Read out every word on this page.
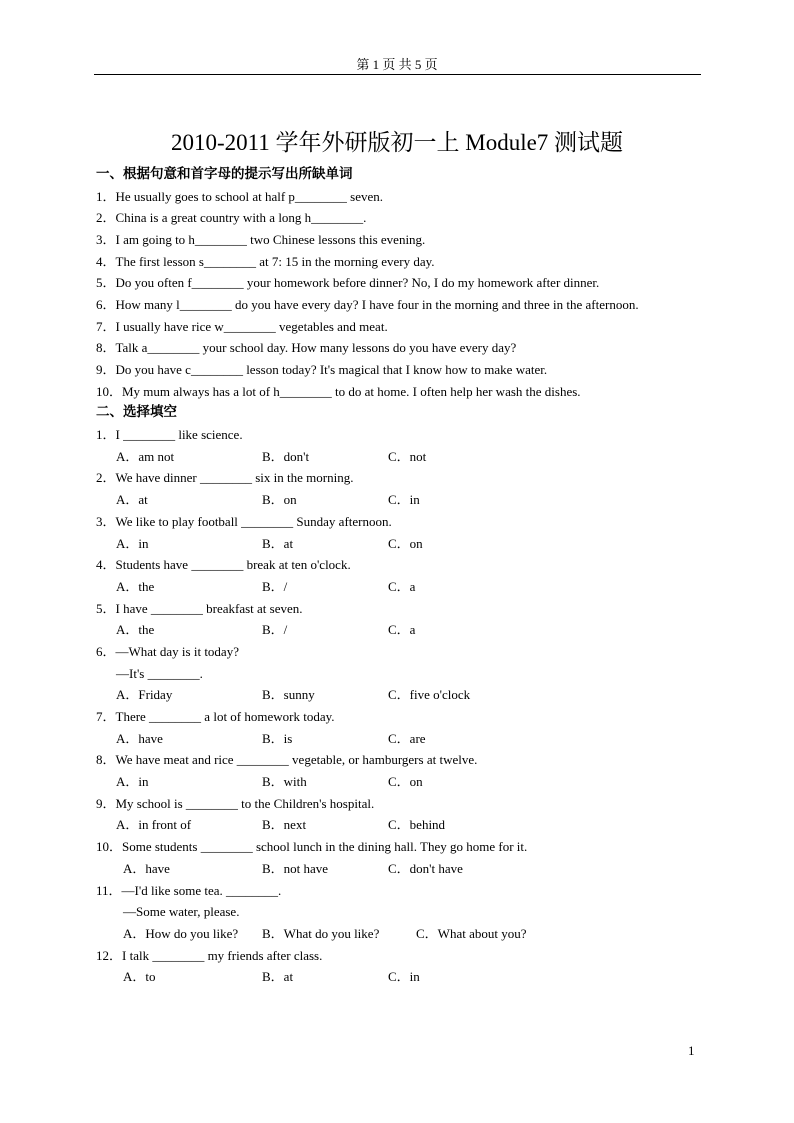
第 1 页 共 5 页
2010-2011 学年外研版初一上 Module7 测试题
一、根据句意和首字母的提示写出所缺单词
1．He usually goes to school at half p________ seven.
2．China is a great country with a long h________.
3．I am going to h________ two Chinese lessons this evening.
4．The first lesson s________ at 7: 15 in the morning every day.
5．Do you often f________ your homework before dinner? No, I do my homework after dinner.
6．How many l________ do you have every day? I have four in the morning and three in the afternoon.
7．I usually have rice w________ vegetables and meat.
8．Talk a________ your school day. How many lessons do you have every day?
9．Do you have c________ lesson today? It's magical that I know how to make water.
10．My mum always has a lot of h________ to do at home. I often help her wash the dishes.
二、选择填空
1．I ________ like science.
A．am not	B．don't	C．not
2．We have dinner ________ six in the morning.
A．at	B．on	C．in
3．We like to play football ________ Sunday afternoon.
A．in	B．at	C．on
4．Students have ________ break at ten o'clock.
A．the	B．/	C．a
5．I have ________ breakfast at seven.
A．the	B．/	C．a
6．—What day is it today?
—It's ________.
A．Friday	B．sunny	C．five o'clock
7．There ________ a lot of homework today.
A．have	B．is	C．are
8．We have meat and rice ________ vegetable, or hamburgers at twelve.
A．in	B．with	C．on
9．My school is ________ to the Children's hospital.
A．in front of	B．next	C．behind
10．Some students ________ school lunch in the dining hall. They go home for it.
A．have	B．not have	C．don't have
11．—I'd like some tea. ________.
—Some water, please.
A．How do you like?	B．What do you like?	C．What about you?
12．I talk ________ my friends after class.
A．to	B．at	C．in
1
